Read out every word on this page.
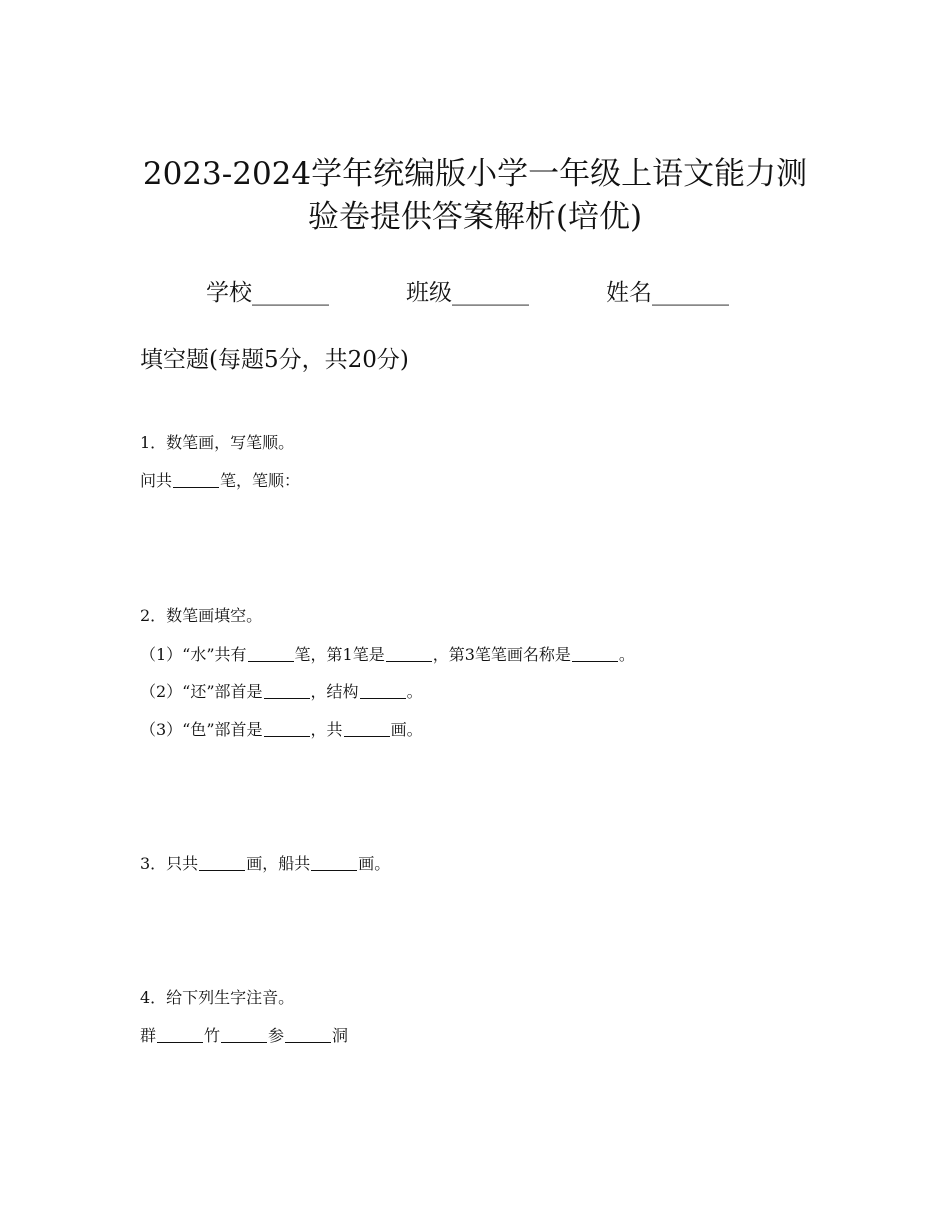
2023-2024学年统编版小学一年级上语文能力测
验卷提供答案解析(培优)
学校_______	班级_______	姓名_______
填空题(每题5分，共20分)
1．数笔画，写笔顺。
问共	笔，笔顺：
2．数笔画填空。
（1）“水”共有	笔，第1笔是	，第3笔笔画名称是	。
（2）“还”部首是	，结构	。
（3）“色”部首是	，共	画。
3．只共	画，船共	画。
4．给下列生字注音。
群	竹	参	洞
